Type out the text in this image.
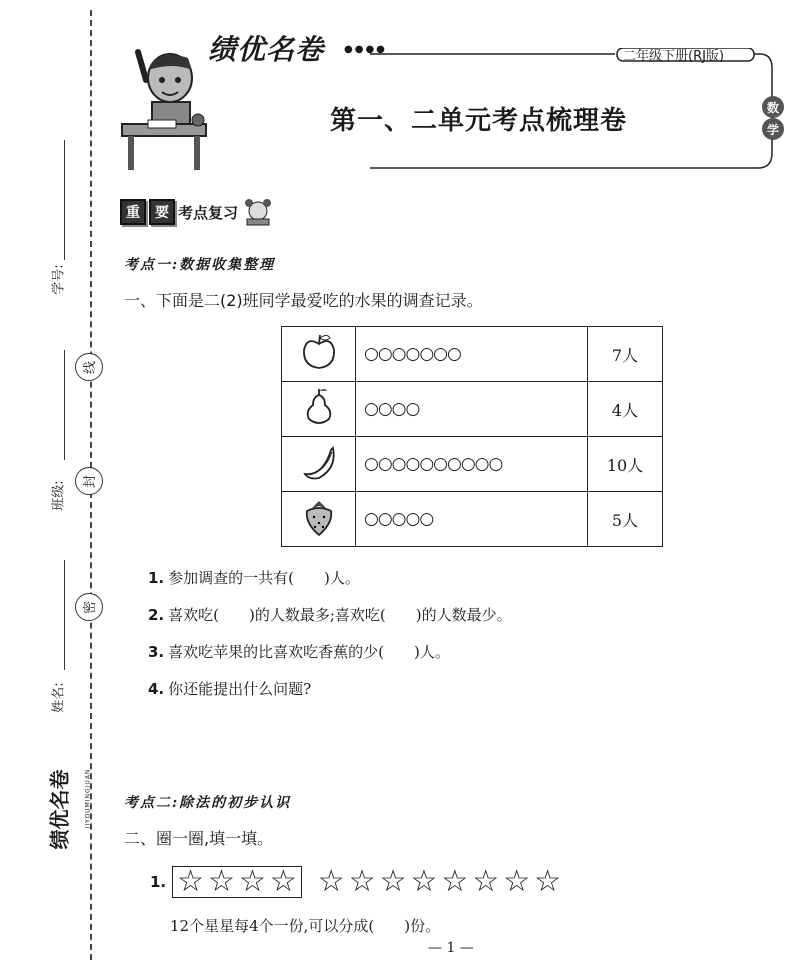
学号:
班级:
姓名:
线
封
密
绩优名卷 JIYOUMINGJUAN
绩优名卷 ●●●●	二年级下册(RJ版)
第一、二单元考点梳理卷	数
学
重	要 考点复习
考点一:数据收集整理
一、下面是二(2)班同学最爱吃的水果的调查记录。
	○○○○○○○	7人
	○○○○	4人
	○○○○○○○○○○	10人
	○○○○○	5人
1. 参加调查的一共有(　　)人。
2. 喜欢吃(　　)的人数最多;喜欢吃(　　)的人数最少。
3. 喜欢吃苹果的比喜欢吃香蕉的少(　　)人。
4. 你还能提出什么问题?
考点二:除法的初步认识
二、圈一圈,填一填。
1. ☆ ☆ ☆ ☆ ☆ ☆ ☆ ☆ ☆ ☆ ☆ ☆
12个星星每4个一份,可以分成(　　)份。
— 1 —
